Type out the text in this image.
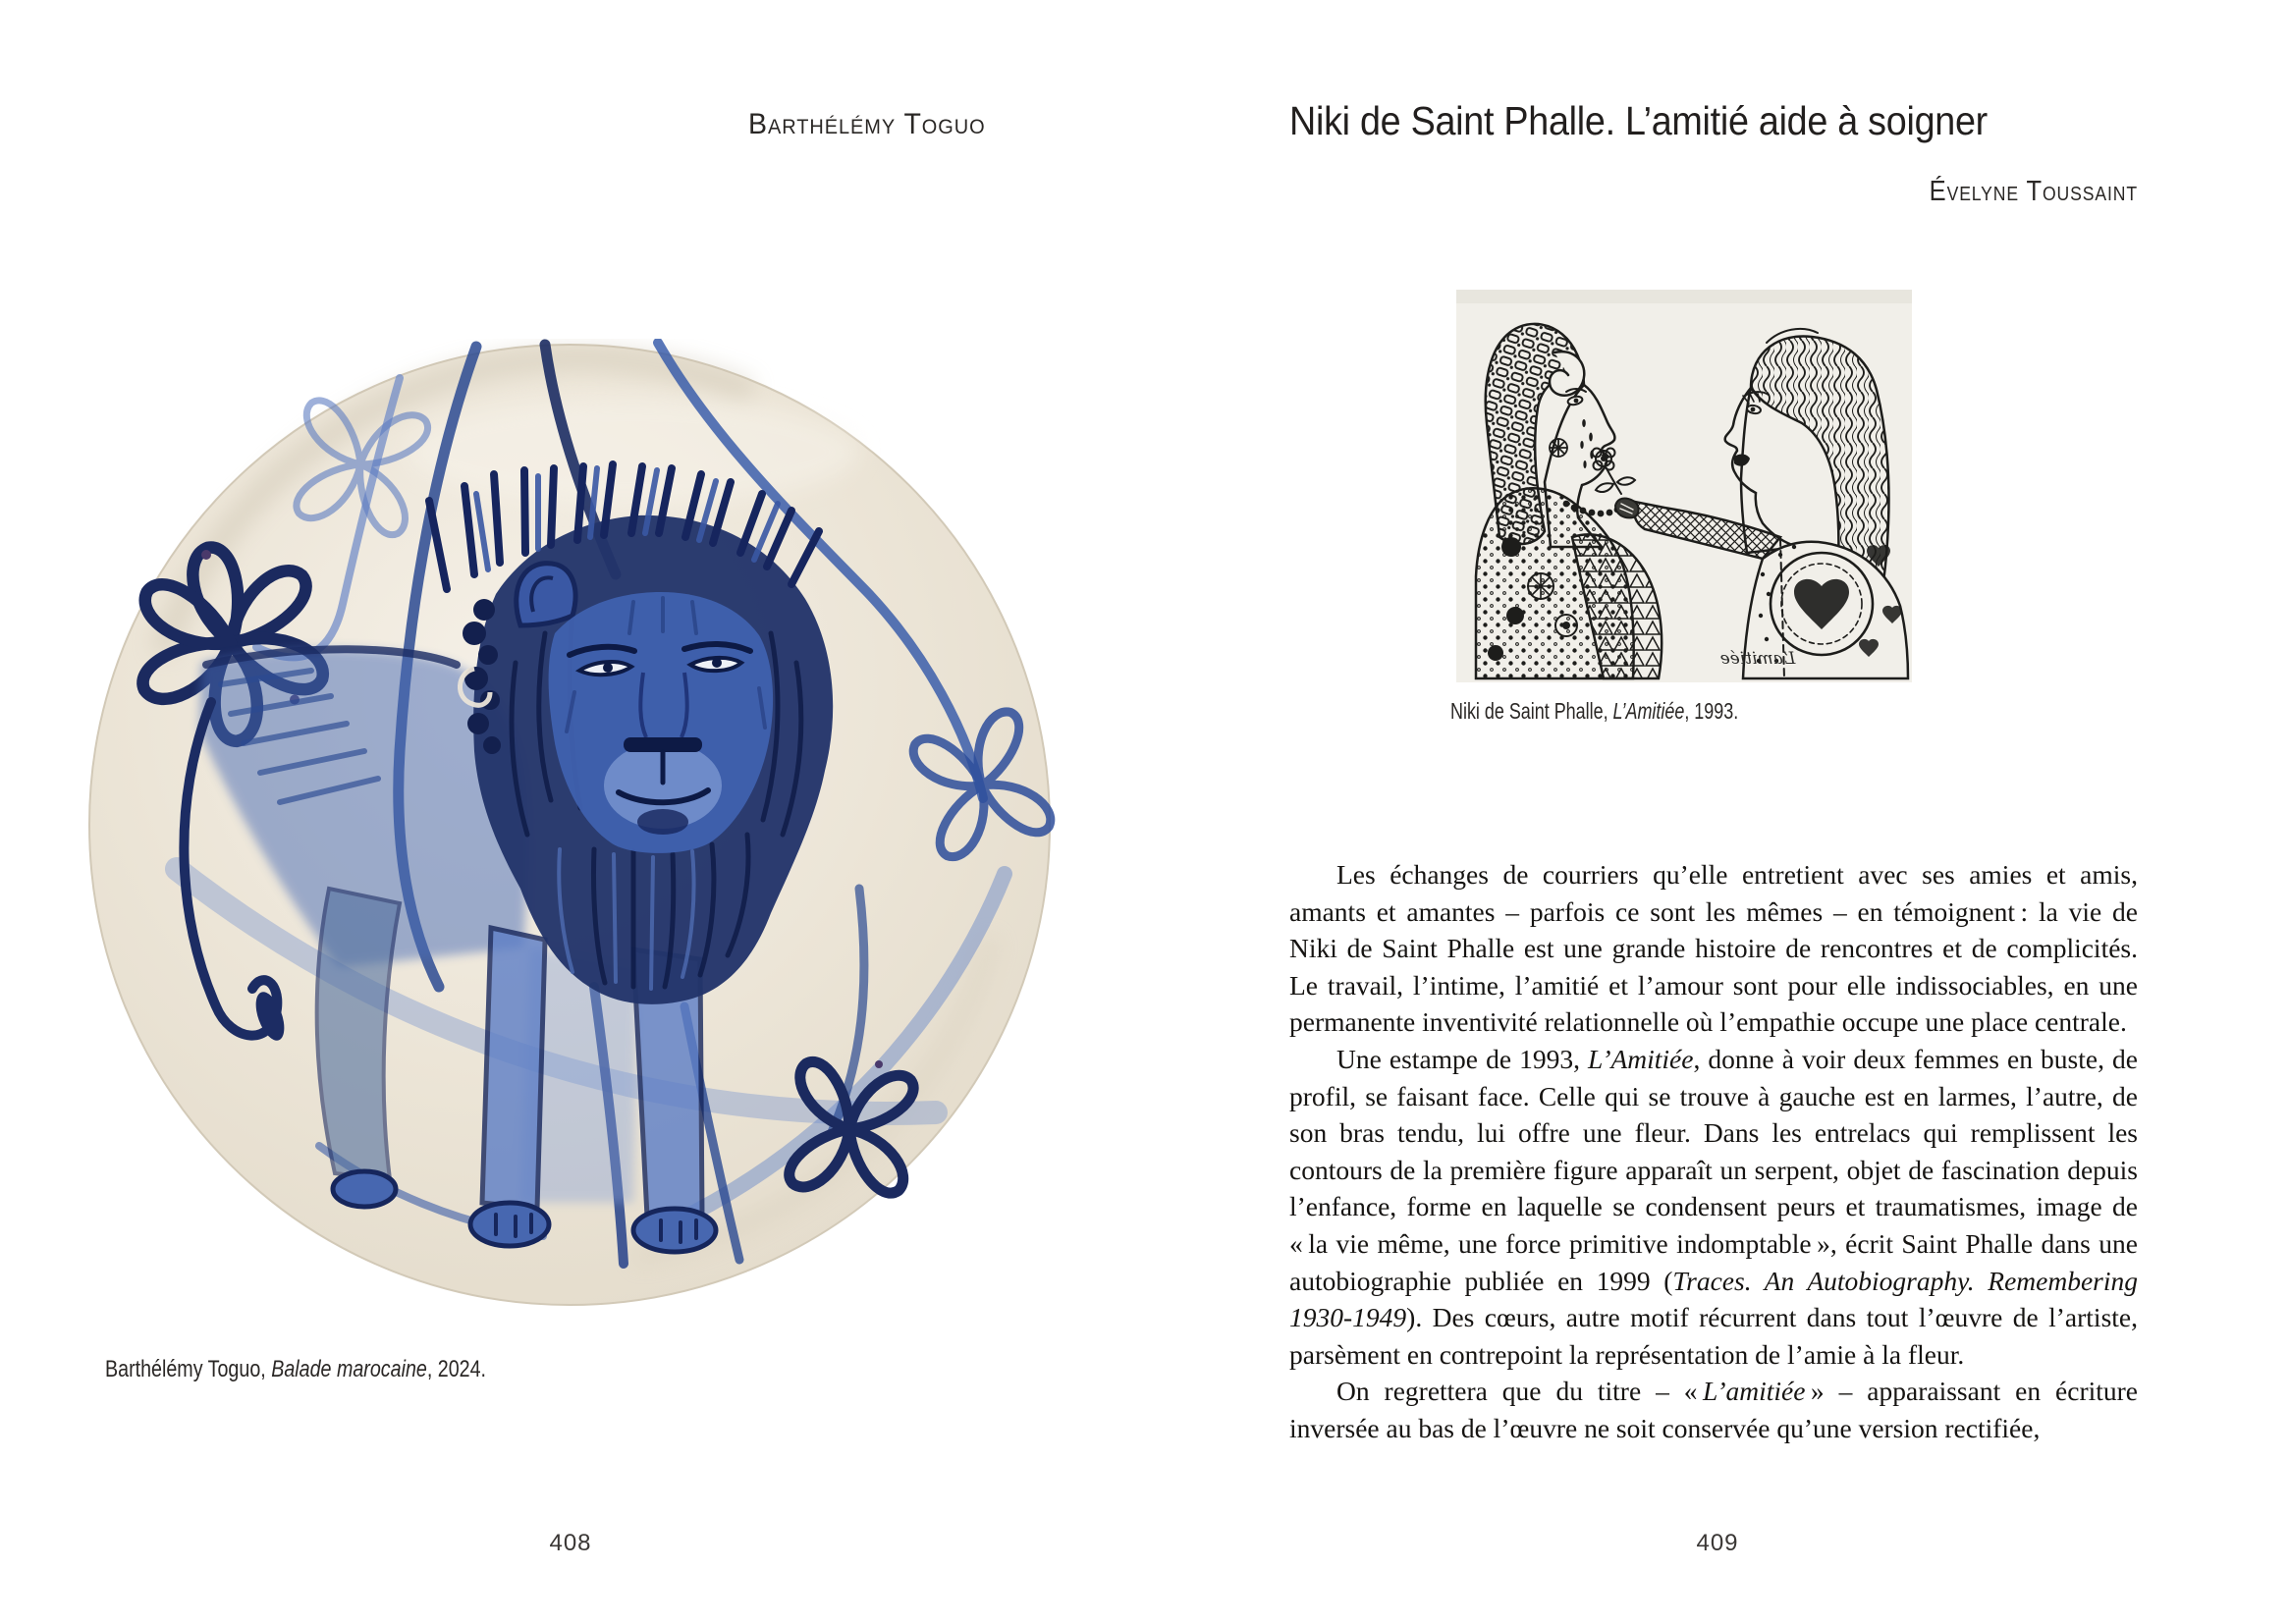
Barthélémy Toguo
Barthélémy Toguo, Balade marocaine, 2024.
408
Niki de Saint Phalle. L’amitié aide à soigner
Évelyne Toussaint
L’amitiée
Niki de Saint Phalle, L’Amitiée, 1993.

Les échanges de courriers qu’elle entretient avec ses amies et amis, amants et amantes – parfois ce sont les mêmes – en témoignent : la vie de Niki de Saint Phalle est une grande histoire de rencontres et de complicités. Le travail, l’intime, l’amitié et l’amour sont pour elle indissociables, en une permanente inventivité relationnelle où l’empathie occupe une place centrale.

Une estampe de 1993, L’Amitiée, donne à voir deux femmes en buste, de profil, se faisant face. Celle qui se trouve à gauche est en larmes, l’autre, de son bras tendu, lui offre une fleur. Dans les entrelacs qui remplissent les contours de la première figure apparaît un serpent, objet de fascination depuis l’enfance, forme en laquelle se condensent peurs et traumatismes, image de « la vie même, une force primitive indomptable », écrit Saint Phalle dans une autobiographie publiée en 1999 (Traces. An Autobiography. Remembering 1930-1949). Des cœurs, autre motif récurrent dans tout l’œuvre de l’artiste, parsèment en contrepoint la représentation de l’amie à la fleur.

On regrettera que du titre – « L’amitiée » – apparaissant en écriture inversée au bas de l’œuvre ne soit conservée qu’une version rectifiée,

409
